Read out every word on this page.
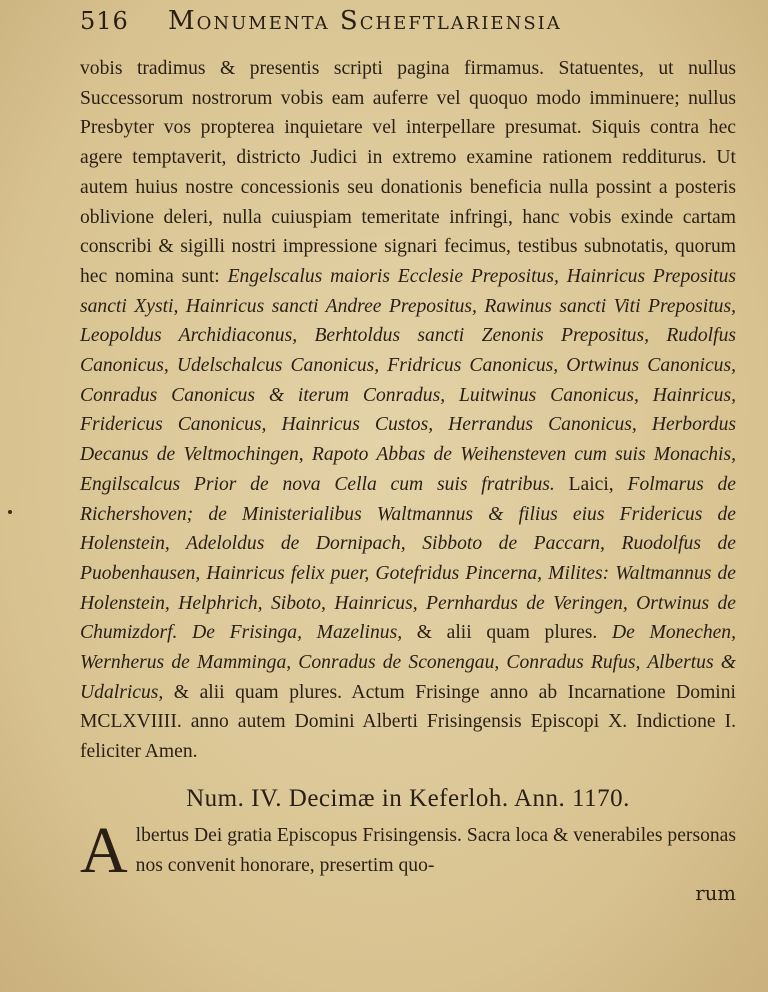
516	Monumenta Scheftlariensia
vobis tradimus & presentis scripti pagina firmamus. Statuentes, ut nullus Successorum nostrorum vobis eam auferre vel quoquo modo imminuere; nullus Presbyter vos propterea inquietare vel interpellare presumat. Siquis contra hec agere temptaverit, districto Judici in extremo examine rationem redditurus. Ut autem huius nostre concessionis seu donationis beneficia nulla possint a posteris oblivione deleri, nulla cuiuspiam temeritate infringi, hanc vobis exinde cartam conscribi & sigilli nostri impressione signari fecimus, testibus subnotatis, quorum hec nomina sunt: Engelscalus maioris Ecclesie Prepositus, Hainricus Prepositus sancti Xysti, Hainricus sancti Andree Prepositus, Rawinus sancti Viti Prepositus, Leopoldus Archidiaconus, Berhtoldus sancti Zenonis Prepositus, Rudolfus Canonicus, Udelschalcus Canonicus, Fridricus Canonicus, Ortwinus Canonicus, Conradus Canonicus & iterum Conradus, Luitwinus Canonicus, Hainricus, Fridericus Canonicus, Hainricus Custos, Herrandus Canonicus, Herbordus Decanus de Veltmochingen, Rapoto Abbas de Weihensteven cum suis Monachis, Engilscalcus Prior de nova Cella cum suis fratribus. Laici, Folmarus de Richershoven; de Ministerialibus Waltmannus & filius eius Fridericus de Holenstein, Adeloldus de Dornipach, Sibboto de Paccarn, Ruodolfus de Puobenhausen, Hainricus felix puer, Gotefridus Pincerna, Milites: Waltmannus de Holenstein, Helphrich, Siboto, Hainricus, Pernhardus de Veringen, Ortwinus de Chumizdorf. De Frisinga, Mazelinus, & alii quam plures. De Monechen, Wernherus de Mamminga, Conradus de Sconengau, Conradus Rufus, Albertus & Udalricus, & alii quam plures. Actum Frisinge anno ab Incarnatione Domini MCLXVIIII. anno autem Domini Alberti Frisingensis Episcopi X. Indictione I. feliciter Amen.
Num. IV. Decimæ in Keferloh. Ann. 1170.
Albertus Dei gratia Episcopus Frisingensis. Sacra loca & venerabiles personas nos convenit honorare, presertim quo-
rum
